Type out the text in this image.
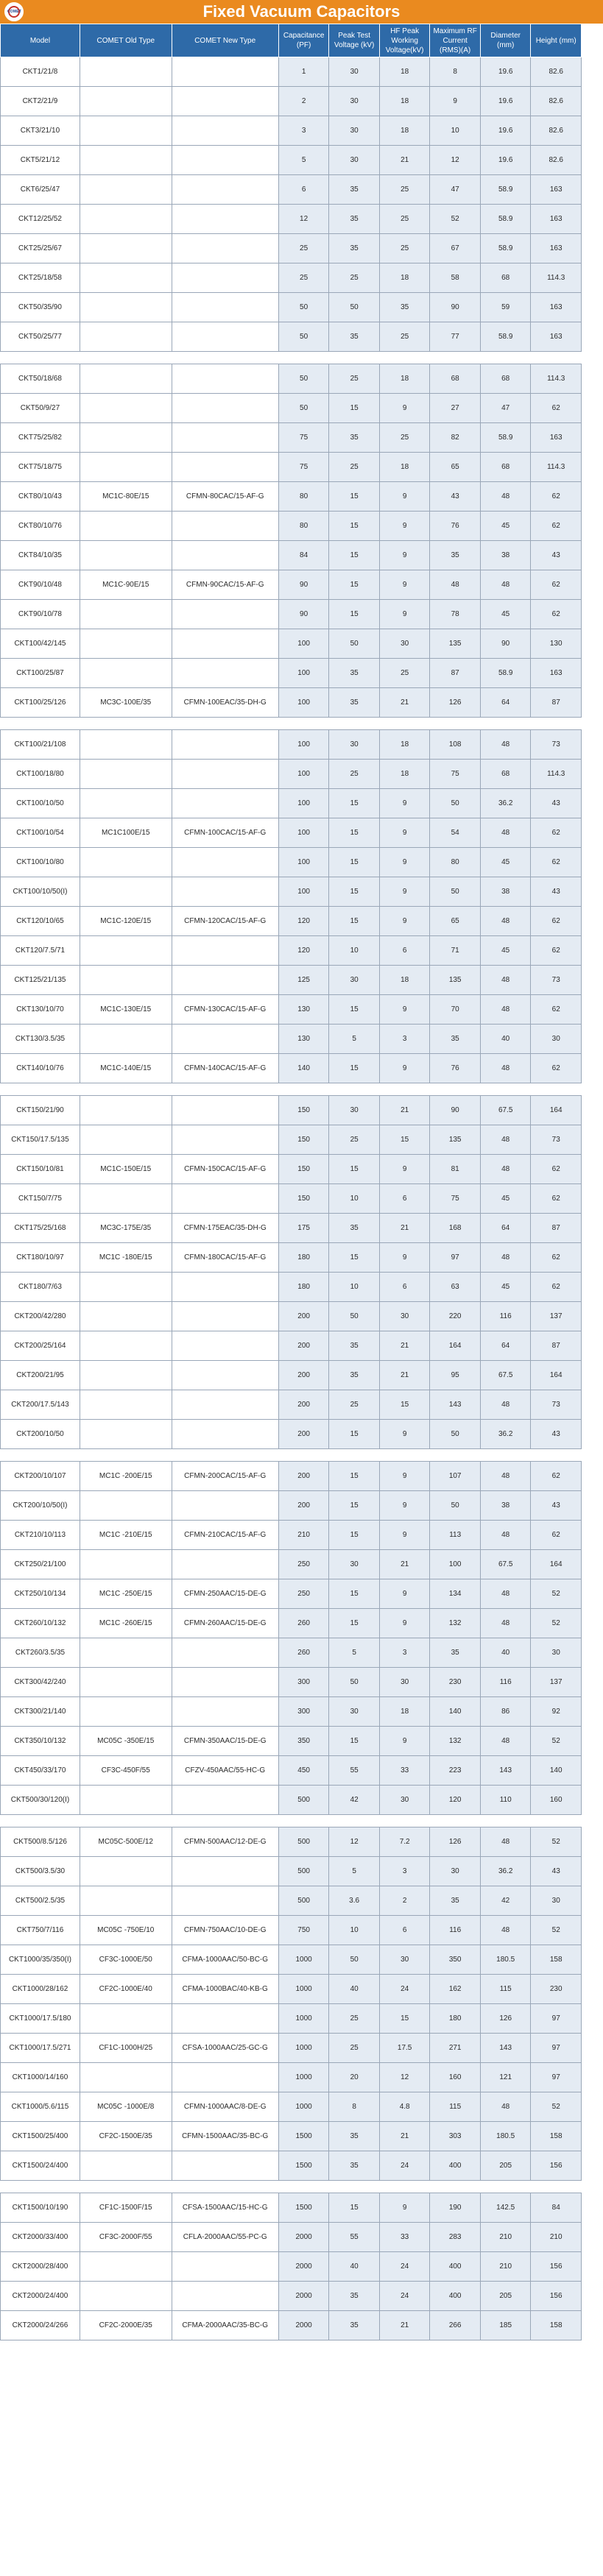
COMET	Fixed Vacuum Capacitors
Model	COMET Old Type	COMET New Type	Capacitance (PF)	Peak Test Voltage (kV)	HF Peak Working Voltage(kV)	Maximum RF Current (RMS)(A)	Diameter (mm)	Height (mm)
CKT1/21/8			1	30	18	8	19.6	82.6
CKT2/21/9			2	30	18	9	19.6	82.6
CKT3/21/10			3	30	18	10	19.6	82.6
CKT5/21/12			5	30	21	12	19.6	82.6
CKT6/25/47			6	35	25	47	58.9	163
CKT12/25/52			12	35	25	52	58.9	163
CKT25/25/67			25	35	25	67	58.9	163
CKT25/18/58			25	25	18	58	68	114.3
CKT50/35/90			50	50	35	90	59	163
CKT50/25/77			50	35	25	77	58.9	163

CKT50/18/68			50	25	18	68	68	114.3
CKT50/9/27			50	15	9	27	47	62
CKT75/25/82			75	35	25	82	58.9	163
CKT75/18/75			75	25	18	65	68	114.3
CKT80/10/43	MC1C-80E/15	CFMN-80CAC/15-AF-G	80	15	9	43	48	62
CKT80/10/76			80	15	9	76	45	62
CKT84/10/35			84	15	9	35	38	43
CKT90/10/48	MC1C-90E/15	CFMN-90CAC/15-AF-G	90	15	9	48	48	62
CKT90/10/78			90	15	9	78	45	62
CKT100/42/145			100	50	30	135	90	130
CKT100/25/87			100	35	25	87	58.9	163
CKT100/25/126	MC3C-100E/35	CFMN-100EAC/35-DH-G	100	35	21	126	64	87

CKT100/21/108			100	30	18	108	48	73
CKT100/18/80			100	25	18	75	68	114.3
CKT100/10/50			100	15	9	50	36.2	43
CKT100/10/54	MC1C100E/15	CFMN-100CAC/15-AF-G	100	15	9	54	48	62
CKT100/10/80			100	15	9	80	45	62
CKT100/10/50(I)			100	15	9	50	38	43
CKT120/10/65	MC1C-120E/15	CFMN-120CAC/15-AF-G	120	15	9	65	48	62
CKT120/7.5/71			120	10	6	71	45	62
CKT125/21/135			125	30	18	135	48	73
CKT130/10/70	MC1C-130E/15	CFMN-130CAC/15-AF-G	130	15	9	70	48	62
CKT130/3.5/35			130	5	3	35	40	30
CKT140/10/76	MC1C-140E/15	CFMN-140CAC/15-AF-G	140	15	9	76	48	62

CKT150/21/90			150	30	21	90	67.5	164
CKT150/17.5/135			150	25	15	135	48	73
CKT150/10/81	MC1C-150E/15	CFMN-150CAC/15-AF-G	150	15	9	81	48	62
CKT150/7/75			150	10	6	75	45	62
CKT175/25/168	MC3C-175E/35	CFMN-175EAC/35-DH-G	175	35	21	168	64	87
CKT180/10/97	MC1C -180E/15	CFMN-180CAC/15-AF-G	180	15	9	97	48	62
CKT180/7/63			180	10	6	63	45	62
CKT200/42/280			200	50	30	220	116	137
CKT200/25/164			200	35	21	164	64	87
CKT200/21/95			200	35	21	95	67.5	164
CKT200/17.5/143			200	25	15	143	48	73
CKT200/10/50			200	15	9	50	36.2	43

CKT200/10/107	MC1C -200E/15	CFMN-200CAC/15-AF-G	200	15	9	107	48	62
CKT200/10/50(I)			200	15	9	50	38	43
CKT210/10/113	MC1C -210E/15	CFMN-210CAC/15-AF-G	210	15	9	113	48	62
CKT250/21/100			250	30	21	100	67.5	164
CKT250/10/134	MC1C -250E/15	CFMN-250AAC/15-DE-G	250	15	9	134	48	52
CKT260/10/132	MC1C -260E/15	CFMN-260AAC/15-DE-G	260	15	9	132	48	52
CKT260/3.5/35			260	5	3	35	40	30
CKT300/42/240			300	50	30	230	116	137
CKT300/21/140			300	30	18	140	86	92
CKT350/10/132	MC05C -350E/15	CFMN-350AAC/15-DE-G	350	15	9	132	48	52
CKT450/33/170	CF3C-450F/55	CFZV-450AAC/55-HC-G	450	55	33	223	143	140
CKT500/30/120(I)			500	42	30	120	110	160

CKT500/8.5/126	MC05C-500E/12	CFMN-500AAC/12-DE-G	500	12	7.2	126	48	52
CKT500/3.5/30			500	5	3	30	36.2	43
CKT500/2.5/35			500	3.6	2	35	42	30
CKT750/7/116	MC05C -750E/10	CFMN-750AAC/10-DE-G	750	10	6	116	48	52
CKT1000/35/350(I)	CF3C-1000E/50	CFMA-1000AAC/50-BC-G	1000	50	30	350	180.5	158
CKT1000/28/162	CF2C-1000E/40	CFMA-1000BAC/40-KB-G	1000	40	24	162	115	230
CKT1000/17.5/180			1000	25	15	180	126	97
CKT1000/17.5/271	CF1C-1000H/25	CFSA-1000AAC/25-GC-G	1000	25	17.5	271	143	97
CKT1000/14/160			1000	20	12	160	121	97
CKT1000/5.6/115	MC05C -1000E/8	CFMN-1000AAC/8-DE-G	1000	8	4.8	115	48	52
CKT1500/25/400	CF2C-1500E/35	CFMN-1500AAC/35-BC-G	1500	35	21	303	180.5	158
CKT1500/24/400			1500	35	24	400	205	156

CKT1500/10/190	CF1C-1500F/15	CFSA-1500AAC/15-HC-G	1500	15	9	190	142.5	84
CKT2000/33/400	CF3C-2000F/55	CFLA-2000AAC/55-PC-G	2000	55	33	283	210	210
CKT2000/28/400			2000	40	24	400	210	156
CKT2000/24/400			2000	35	24	400	205	156
CKT2000/24/266	CF2C-2000E/35	CFMA-2000AAC/35-BC-G	2000	35	21	266	185	158
